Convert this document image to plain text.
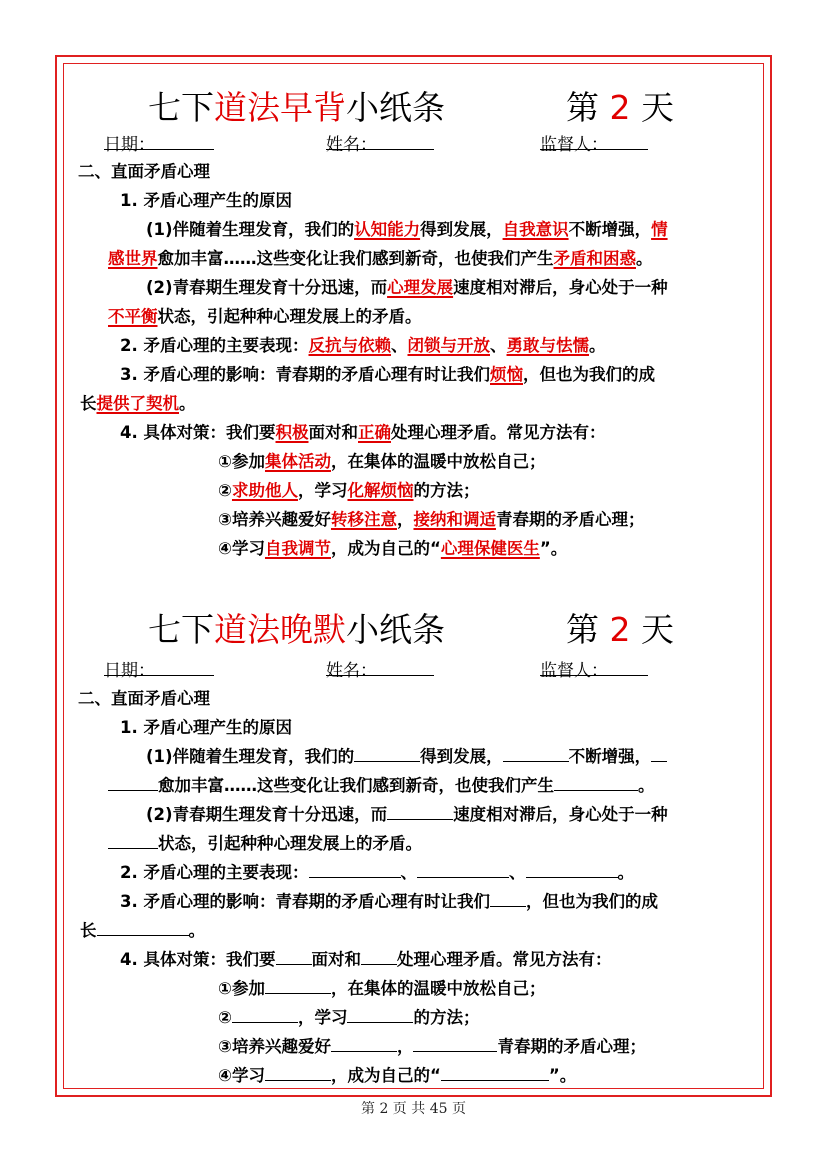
七下道法早背小纸条	第 2 天
日期：	姓名：	监督人：
二、直面矛盾心理
1. 矛盾心理产生的原因
(1)伴随着生理发育，我们的认知能力得到发展，自我意识不断增强，情
感世界愈加丰富……这些变化让我们感到新奇，也使我们产生矛盾和困惑。
(2)青春期生理发育十分迅速，而心理发展速度相对滞后，身心处于一种
不平衡状态，引起种种心理发展上的矛盾。
2. 矛盾心理的主要表现：反抗与依赖、闭锁与开放、勇敢与怯懦。
3. 矛盾心理的影响：青春期的矛盾心理有时让我们烦恼，但也为我们的成
长提供了契机。
4. 具体对策：我们要积极面对和正确处理心理矛盾。常见方法有：
①参加集体活动，在集体的温暖中放松自己；
②求助他人，学习化解烦恼的方法；
③培养兴趣爱好转移注意，接纳和调适青春期的矛盾心理；
④学习自我调节，成为自己的“心理保健医生”。
七下道法晚默小纸条	第 2 天
日期：	姓名：	监督人：
二、直面矛盾心理
1. 矛盾心理产生的原因
(1)伴随着生理发育，我们的	得到发展，	不断增强，
愈加丰富……这些变化让我们感到新奇，也使我们产生	。
(2)青春期生理发育十分迅速，而	速度相对滞后，身心处于一种
状态，引起种种心理发展上的矛盾。
2. 矛盾心理的主要表现：	、	、	。
3. 矛盾心理的影响：青春期的矛盾心理有时让我们 ，但也为我们的成
长	。
4. 具体对策：我们要 面对和 处理心理矛盾。常见方法有：
①参加	，在集体的温暖中放松自己；
②	，学习	的方法；
③培养兴趣爱好	，	青春期的矛盾心理；
④学习	，成为自己的“	”。
第 2 页 共 45 页
